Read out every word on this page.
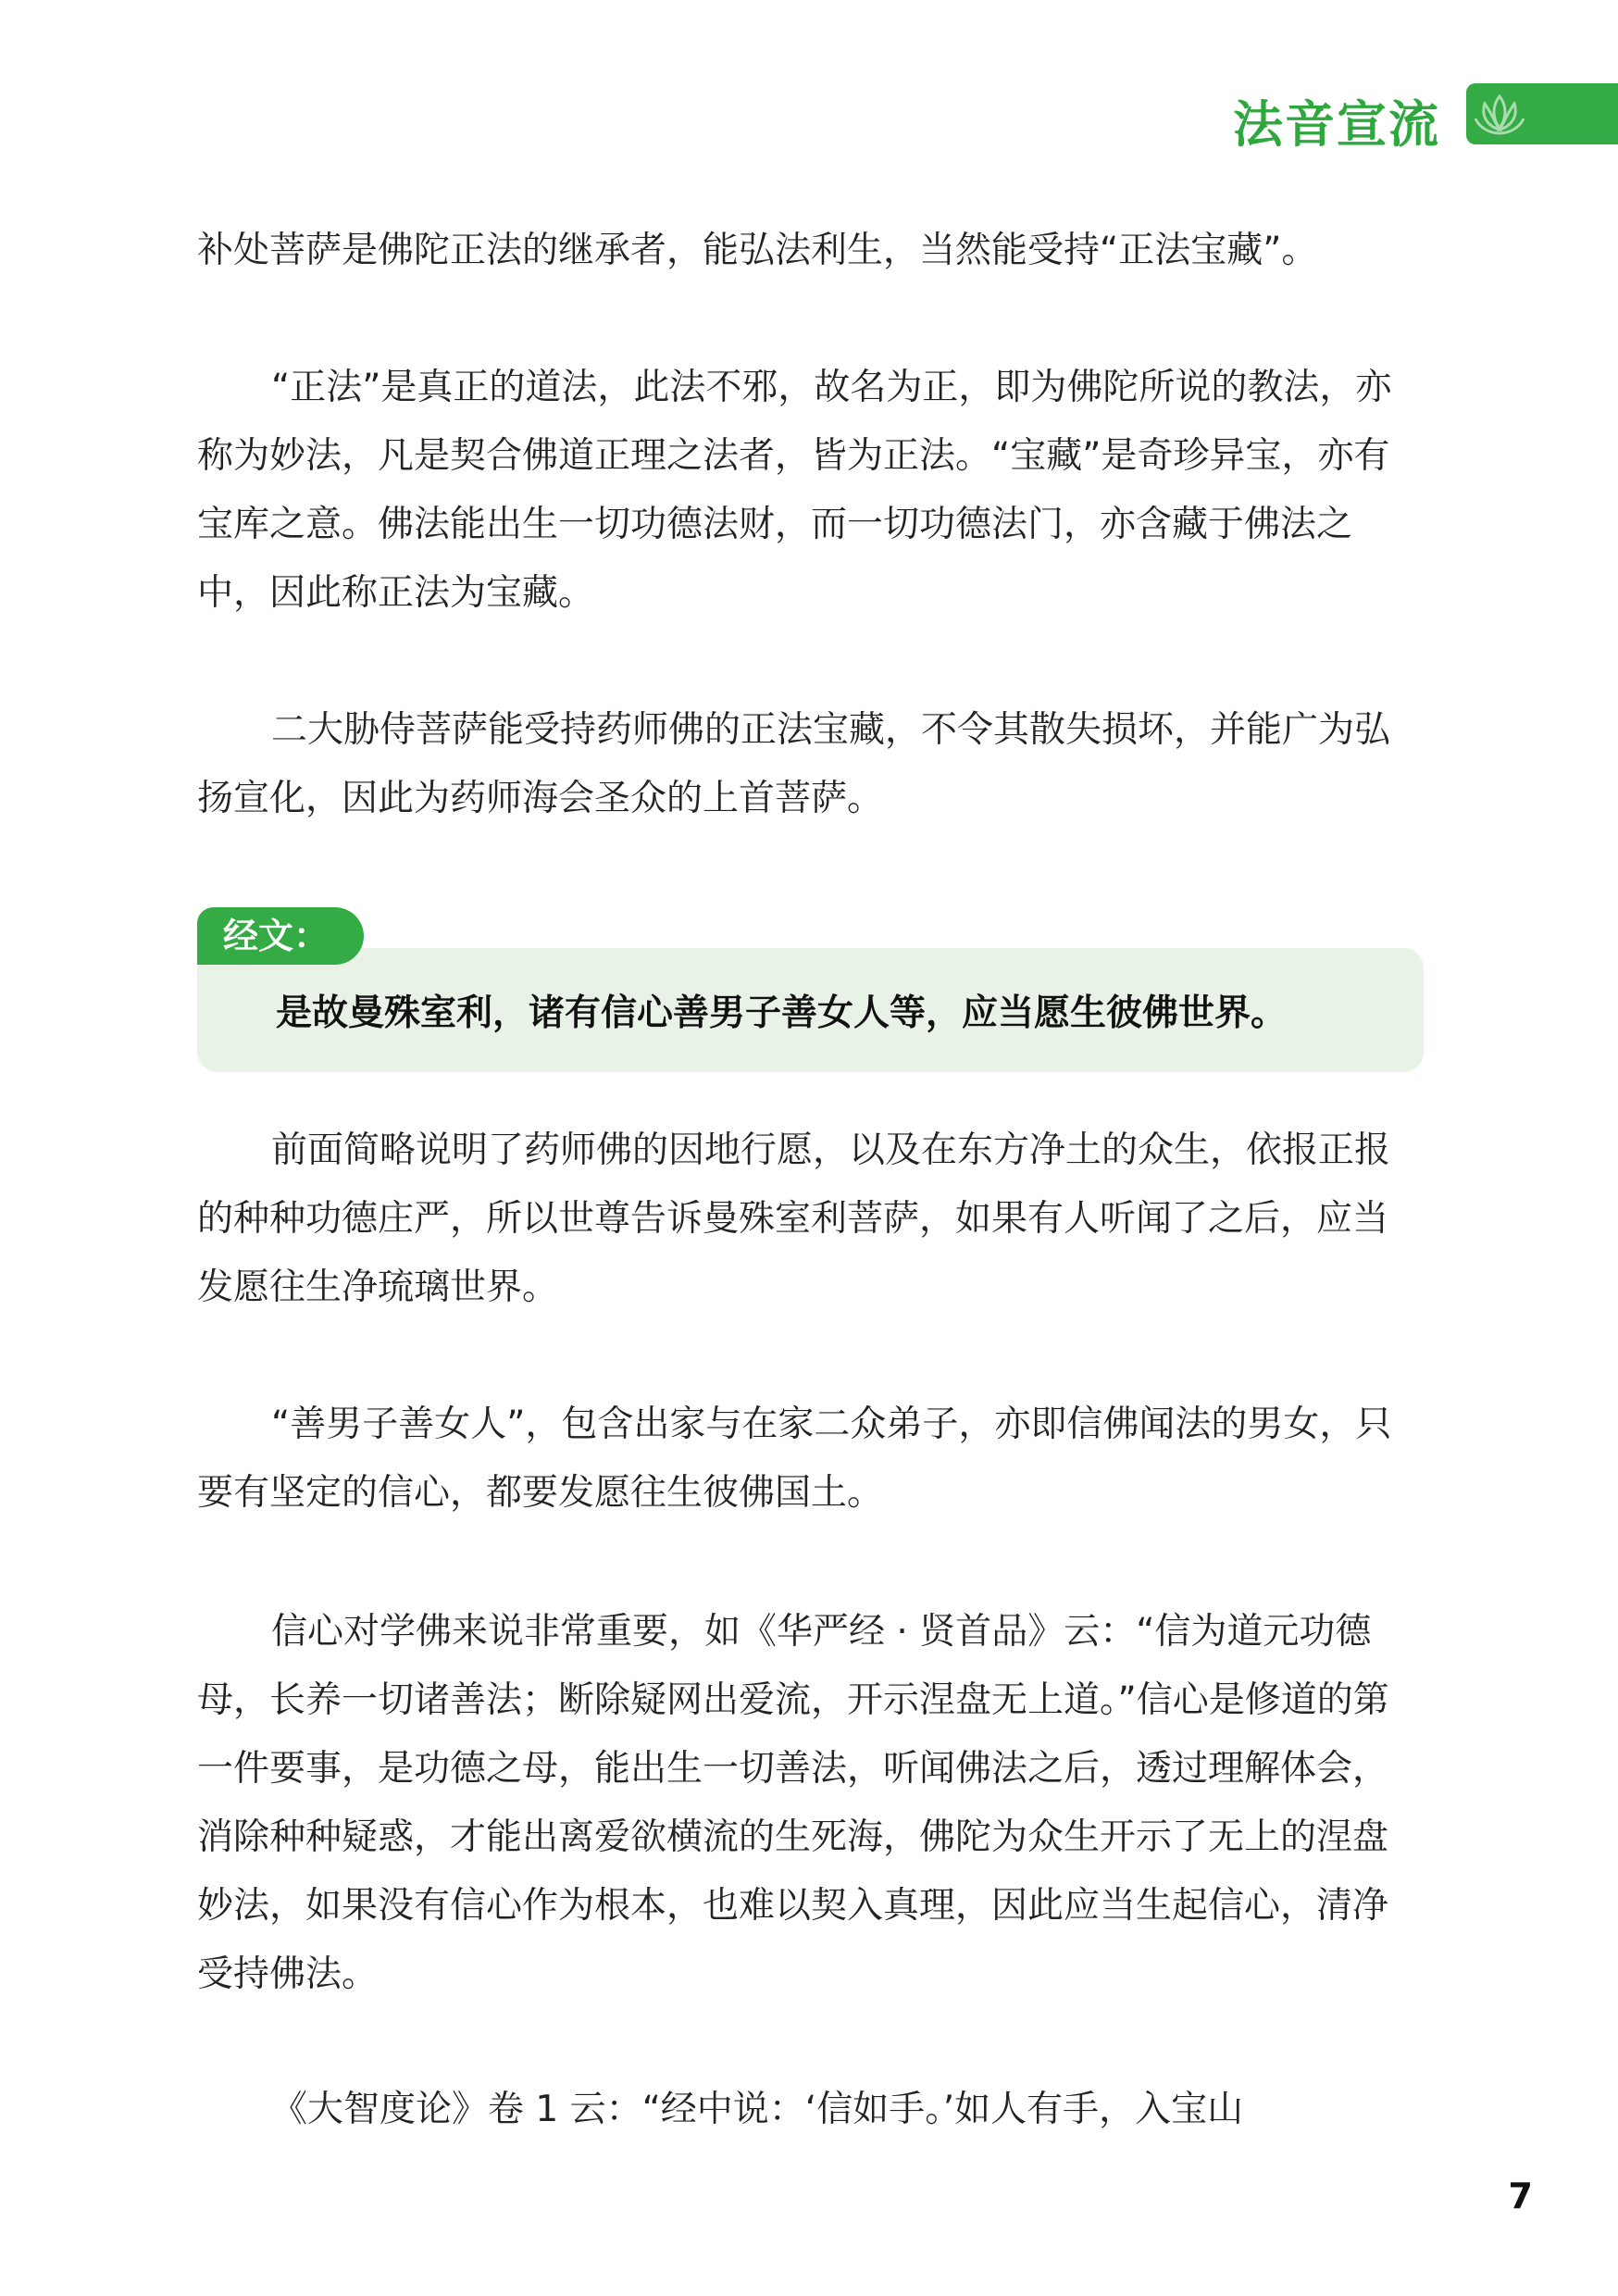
法音宣流

补处菩萨是佛陀正法的继承者，能弘法利生，当然能受持“正法宝藏”。

“正法”是真正的道法，此法不邪，故名为正，即为佛陀所说的教法，亦称为妙法，凡是契合佛道正理之法者，皆为正法。“宝藏”是奇珍异宝，亦有宝库之意。佛法能出生一切功德法财，而一切功德法门，亦含藏于佛法之中，因此称正法为宝藏。

二大胁侍菩萨能受持药师佛的正法宝藏，不令其散失损坏，并能广为弘扬宣化，因此为药师海会圣众的上首菩萨。

经文：
是故曼殊室利，诸有信心善男子善女人等，应当愿生彼佛世界。

前面简略说明了药师佛的因地行愿，以及在东方净土的众生，依报正报的种种功德庄严，所以世尊告诉曼殊室利菩萨，如果有人听闻了之后，应当发愿往生净琉璃世界。

“善男子善女人”，包含出家与在家二众弟子，亦即信佛闻法的男女，只要有坚定的信心，都要发愿往生彼佛国土。

信心对学佛来说非常重要，如《华严经 · 贤首品》云：“信为道元功德母，长养一切诸善法；断除疑网出爱流，开示涅盘无上道。”信心是修道的第一件要事，是功德之母，能出生一切善法，听闻佛法之后，透过理解体会，消除种种疑惑，才能出离爱欲横流的生死海，佛陀为众生开示了无上的涅盘妙法，如果没有信心作为根本，也难以契入真理，因此应当生起信心，清净受持佛法。

《大智度论》卷 1 云：“经中说：‘信如手。’如人有手，入宝山

7
